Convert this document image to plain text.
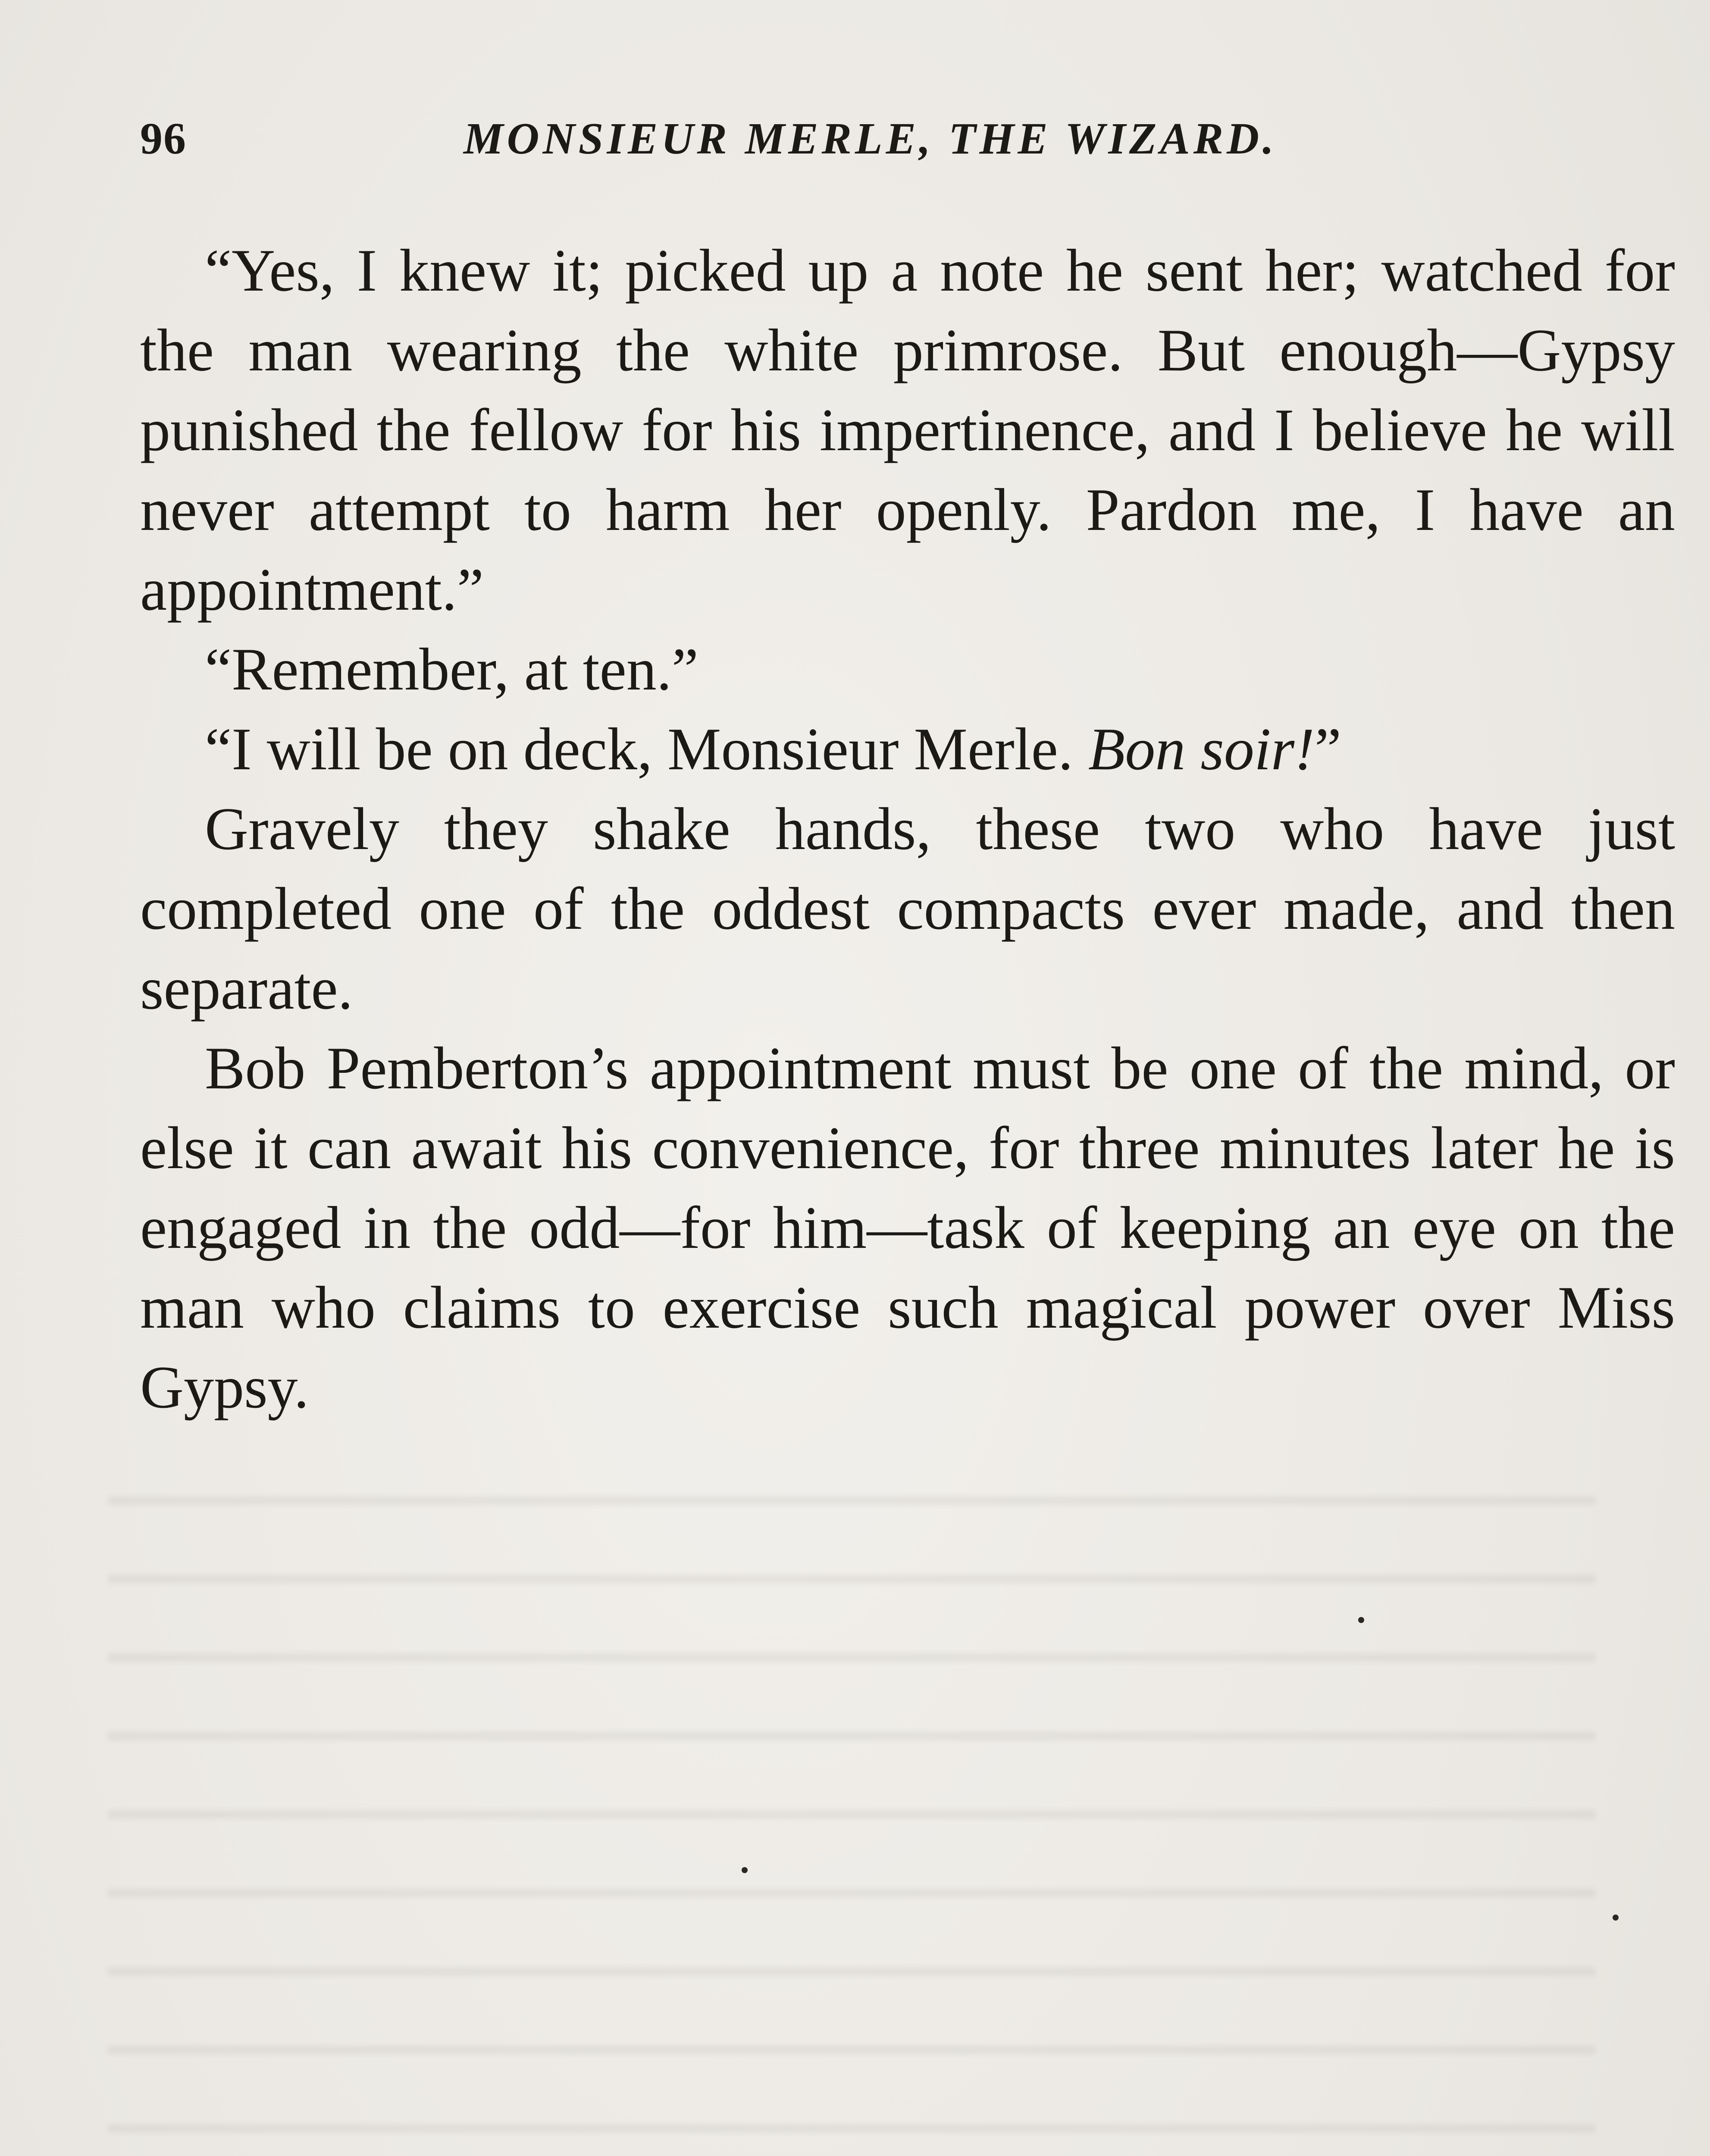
96	MONSIEUR MERLE, THE WIZARD.

“Yes, I knew it; picked up a note he sent her; watched for the man wearing the white primrose. But enough—Gypsy punished the fellow for his impertinence, and I believe he will never attempt to harm her openly. Pardon me, I have an appointment.”

“Remember, at ten.”

“I will be on deck, Monsieur Merle. Bon soir!”

Gravely they shake hands, these two who have just completed one of the oddest compacts ever made, and then separate.

Bob Pemberton’s appointment must be one of the mind, or else it can await his convenience, for three minutes later he is engaged in the odd—for him—task of keeping an eye on the man who claims to exercise such magical power over Miss Gypsy.
